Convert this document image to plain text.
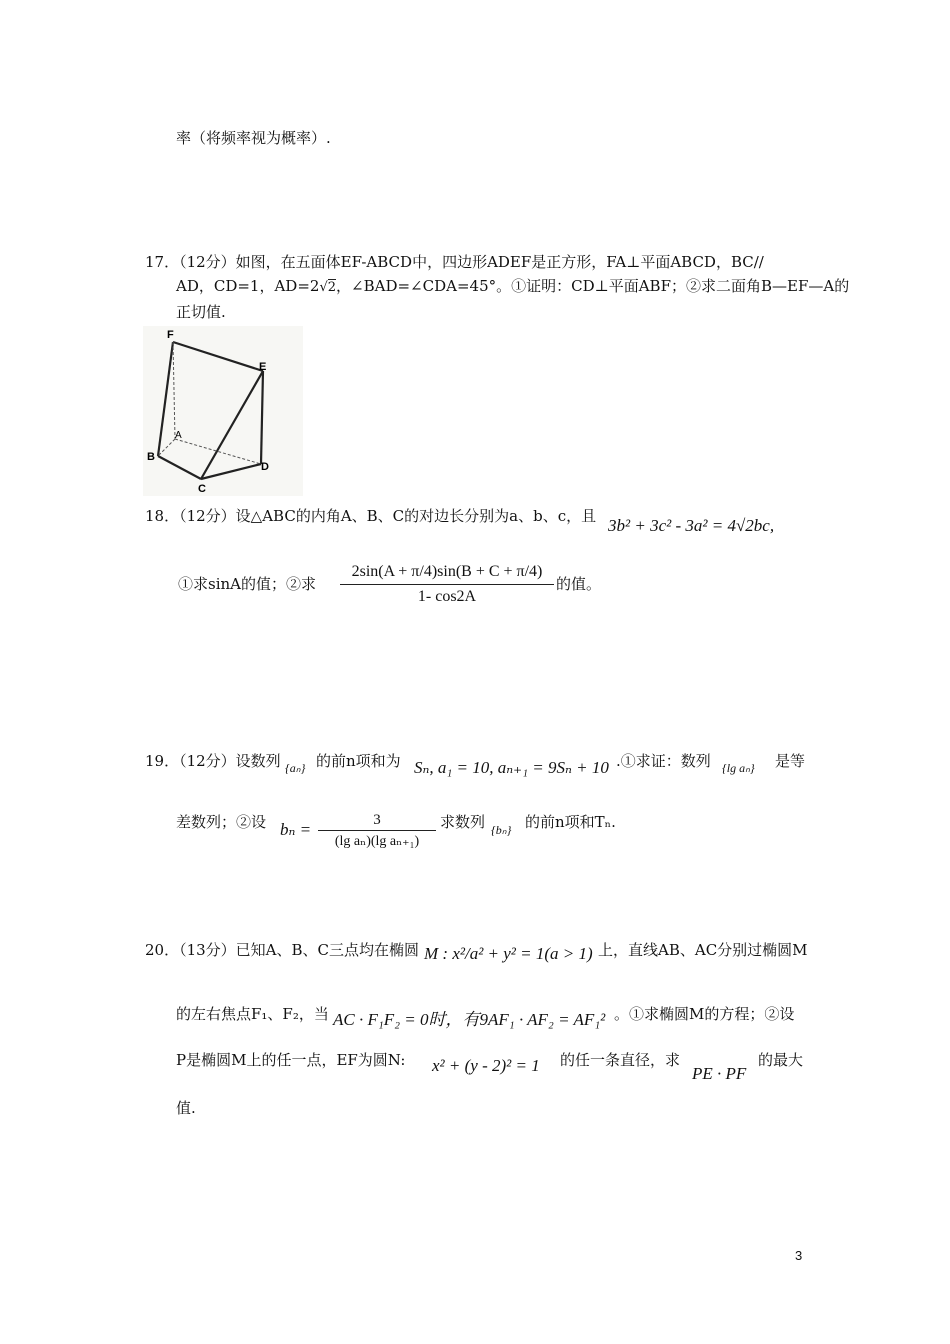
率（将频率视为概率）.
17．（12分）如图，在五面体EF-ABCD中，四边形ADEF是正方形，FA⊥平面ABCD，BC//
AD，CD=1，AD=2√2，∠BAD=∠CDA=45°。①证明：CD⊥平面ABF；②求二面角B—EF—A的
正切值.
F
E
A
B
C
D
18．（12分）设△ABC的内角A、B、C的对边长分别为a、b、c，且 3b² + 3c² - 3a² = 4√2bc,
①求sinA的值；②求
2sin(A + π/4)sin(B + C + π/4)
1- cos2A
的值。
19．（12分）设数列 {aₙ} 的前n项和为 Sₙ, a₁ = 10, aₙ₊₁ = 9Sₙ + 10 .①求证：数列 {lg aₙ} 是等
差数列；②设 bₙ =	3
(lg aₙ)(lg aₙ₊₁)
求数列 {bₙ} 的前n项和Tₙ.
20．（13分）已知A、B、C三点均在椭圆 M : x²/a² + y² = 1(a > 1) 上，直线AB、AC分别过椭圆M
的左右焦点F₁、F₂，当 AC · F₁F₂ = 0时，有9AF₁ · AF₂ = AF₁² 。①求椭圆M的方程；②设
P是椭圆M上的任一点，EF为圆N: x² + (y - 2)² = 1 的任一条直径，求
PE · PF
的最大
值.
3
